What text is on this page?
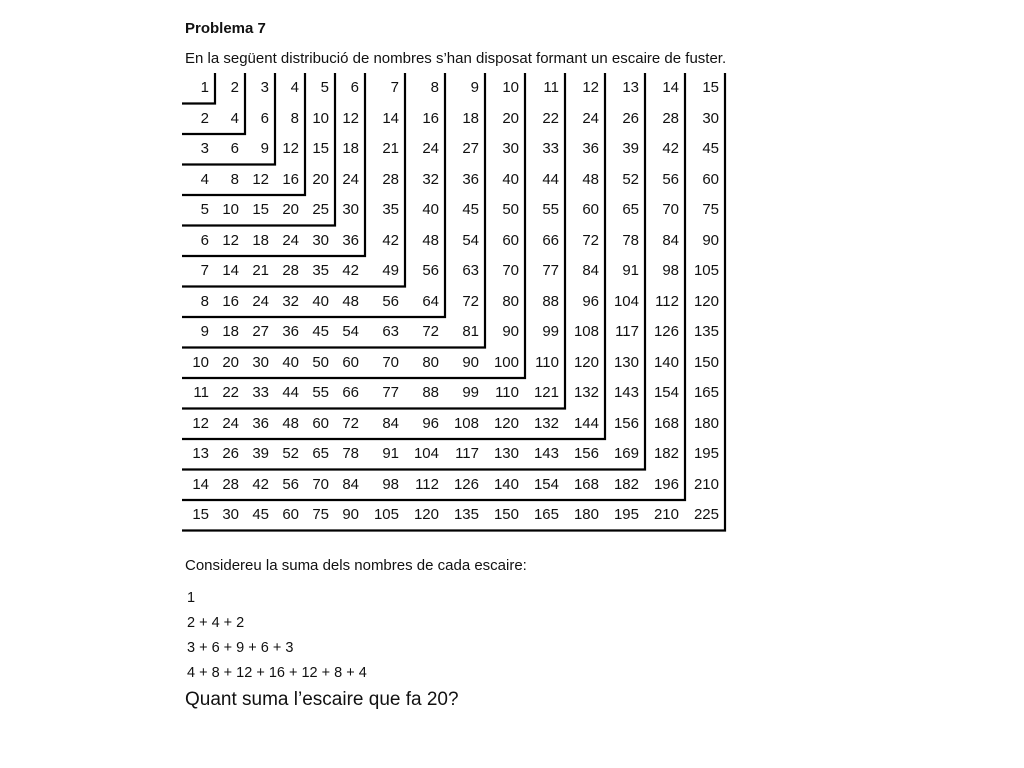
Problema 7
En la següent distribució de nombres s’han disposat formant un escaire de fuster.
1	2	3	4	5	6	7	8	9	10	11	12	13	14	15
2	4	6	8 10 12	14	16	18	20	22	24	26	28	30
3	6	9 12 15 18	21	24	27	30	33	36	39	42	45
4	8 12 16 20 24	28	32	36	40	44	48	52	56	60
5 10 15 20 25 30	35	40	45	50	55	60	65	70	75
6 12 18 24 30 36	42	48	54	60	66	72	78	84	90
7 14 21 28 35 42	49	56	63	70	77	84	91	98 105
8 16 24 32 40 48	56	64	72	80	88	96 104	112 120
9 18 27 36 45 54	63	72	81	90	99 108	117 126 135
10 20 30 40 50 60	70	80	90 100	110 120 130 140 150
11 22 33 44 55 66	77	88	99	110 121 132 143 154 165
12 24 36 48 60 72	84	96 108 120 132 144 156 168 180
13 26 39 52 65 78	91 104	117 130 143 156 169 182 195
14 28 42 56 70 84	98	112 126 140 154 168 182 196 210
15 30 45 60 75 90 105 120 135 150 165 180 195 210 225
Considereu la suma dels nombres de cada escaire:
1
2 + 4 + 2
3 + 6 + 9 + 6 + 3
4 + 8 + 12 + 16 + 12 + 8 + 4
Quant suma l’escaire que fa 20?
